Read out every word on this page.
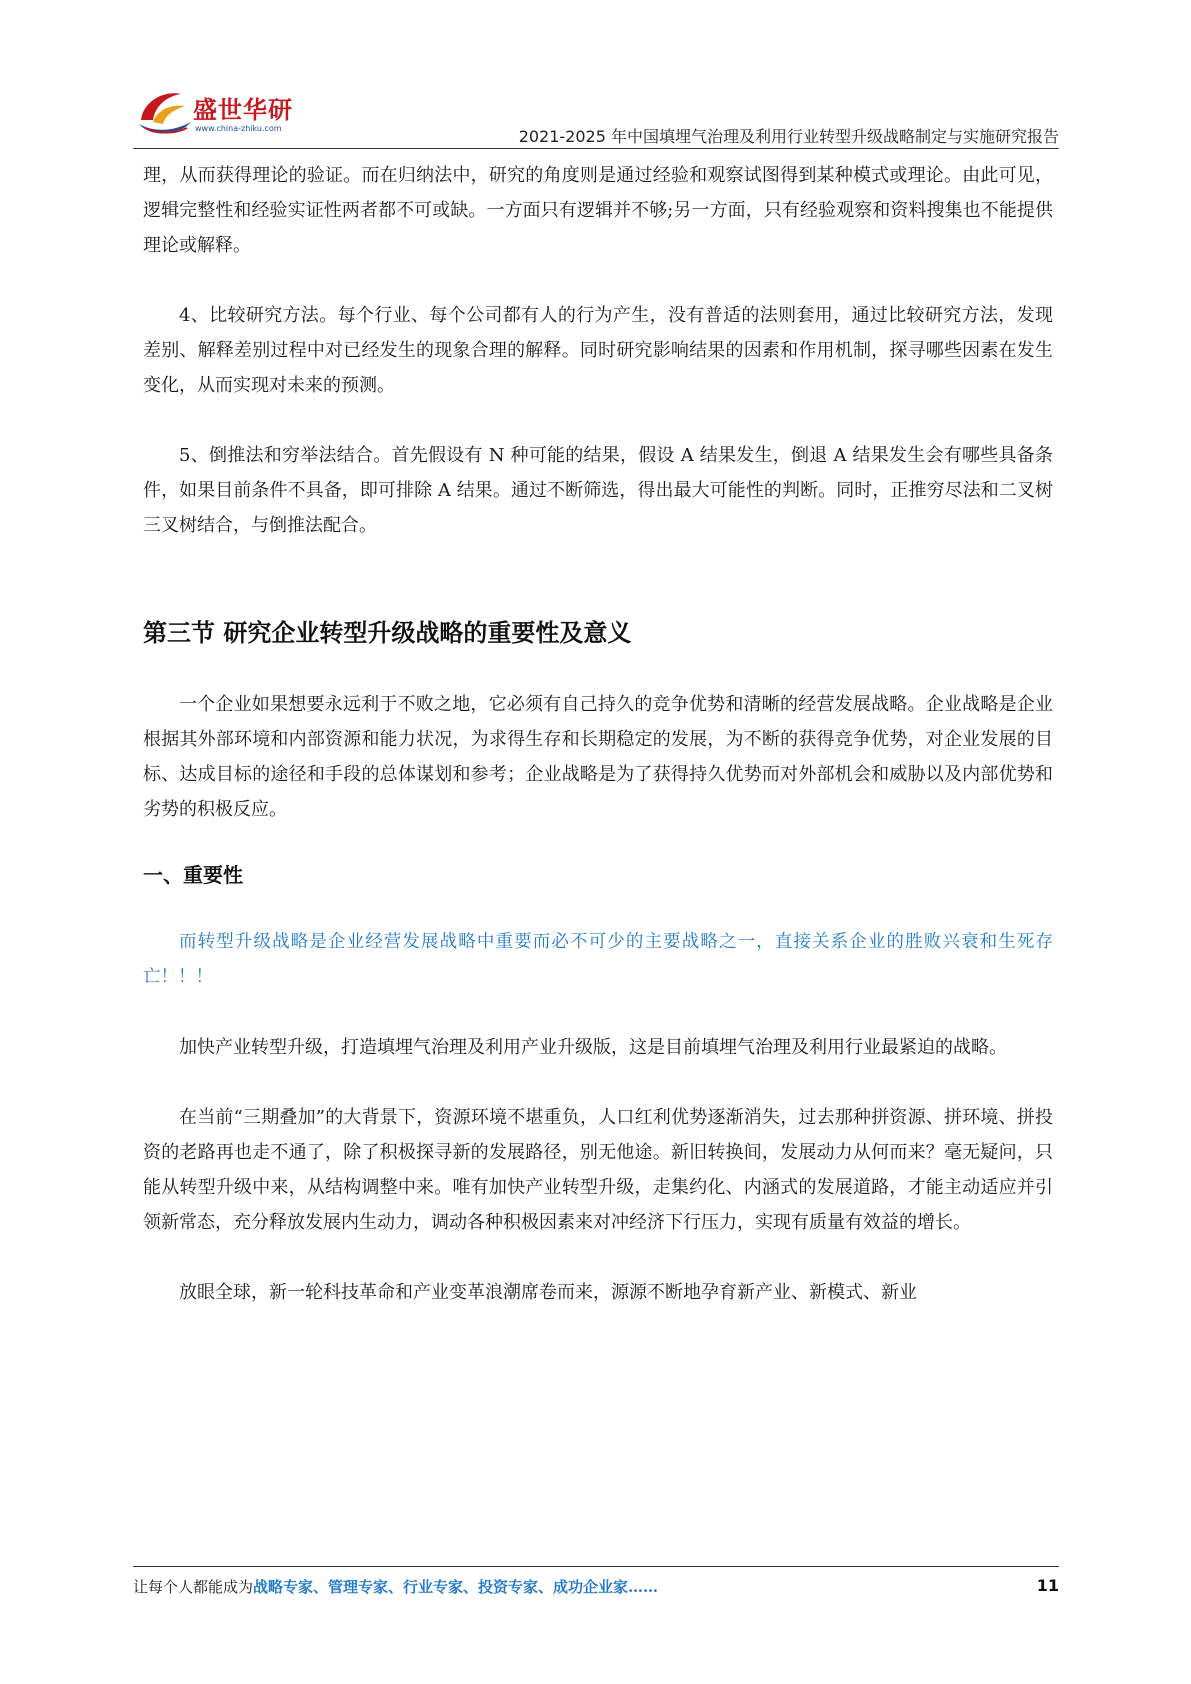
盛世华研
www.china-zhiku.com	2021-2025 年中国填埋气治理及利用行业转型升级战略制定与实施研究报告

理，从而获得理论的验证。而在归纳法中，研究的角度则是通过经验和观察试图得到某种模式或理论。由此可见，逻辑完整性和经验实证性两者都不可或缺。一方面只有逻辑并不够;另一方面，只有经验观察和资料搜集也不能提供理论或解释。

4、比较研究方法。每个行业、每个公司都有人的行为产生，没有普适的法则套用，通过比较研究方法，发现差别、解释差别过程中对已经发生的现象合理的解释。同时研究影响结果的因素和作用机制，探寻哪些因素在发生变化，从而实现对未来的预测。

5、倒推法和穷举法结合。首先假设有 N 种可能的结果，假设 A 结果发生，倒退 A 结果发生会有哪些具备条件，如果目前条件不具备，即可排除 A 结果。通过不断筛选，得出最大可能性的判断。同时，正推穷尽法和二叉树三叉树结合，与倒推法配合。

第三节 研究企业转型升级战略的重要性及意义

一个企业如果想要永远利于不败之地，它必须有自己持久的竞争优势和清晰的经营发展战略。企业战略是企业根据其外部环境和内部资源和能力状况，为求得生存和长期稳定的发展，为不断的获得竞争优势，对企业发展的目标、达成目标的途径和手段的总体谋划和参考；企业战略是为了获得持久优势而对外部机会和威胁以及内部优势和劣势的积极反应。

一、重要性

而转型升级战略是企业经营发展战略中重要而必不可少的主要战略之一，直接关系企业的胜败兴衰和生死存亡！！！

加快产业转型升级，打造填埋气治理及利用产业升级版，这是目前填埋气治理及利用行业最紧迫的战略。

在当前“三期叠加”的大背景下，资源环境不堪重负，人口红利优势逐渐消失，过去那种拼资源、拼环境、拼投资的老路再也走不通了，除了积极探寻新的发展路径，别无他途。新旧转换间，发展动力从何而来？毫无疑问，只能从转型升级中来，从结构调整中来。唯有加快产业转型升级，走集约化、内涵式的发展道路，才能主动适应并引领新常态，充分释放发展内生动力，调动各种积极因素来对冲经济下行压力，实现有质量有效益的增长。

放眼全球，新一轮科技革命和产业变革浪潮席卷而来，源源不断地孕育新产业、新模式、新业

让每个人都能成为战略专家、管理专家、行业专家、投资专家、成功企业家……	11
